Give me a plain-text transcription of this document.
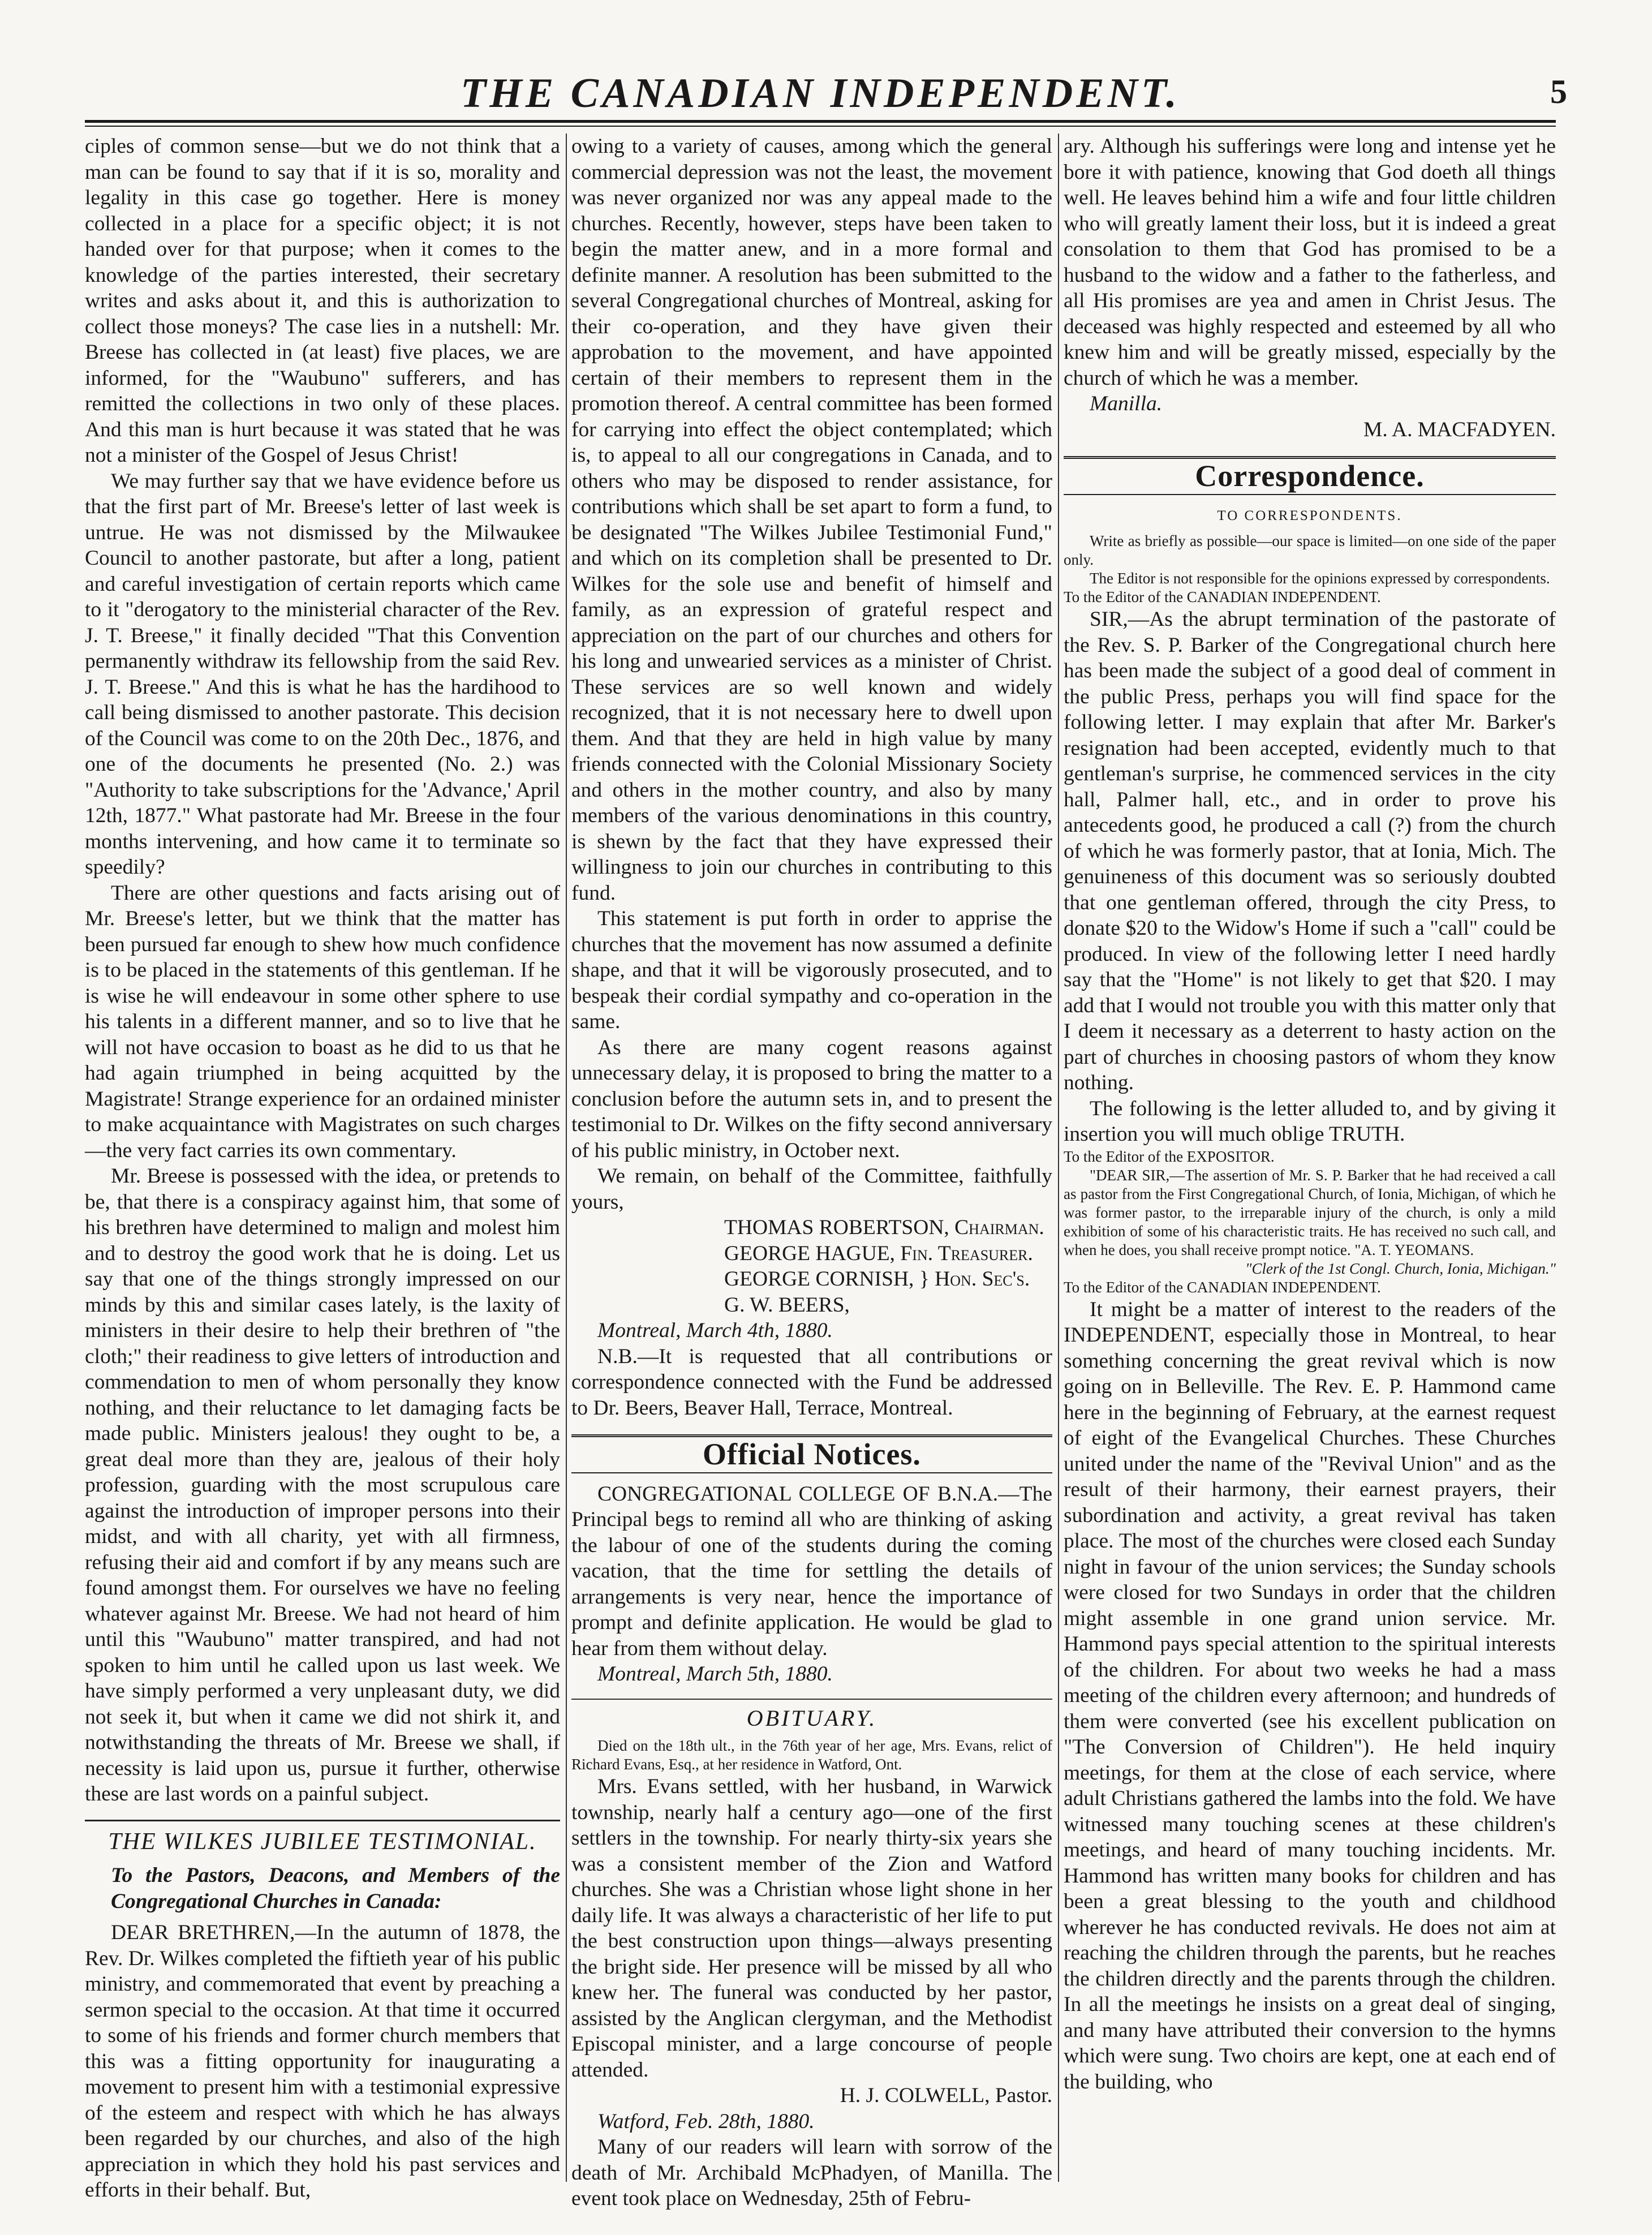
THE CANADIAN INDEPENDENT.	5

ciples of common sense—but we do not think that a man can be found to say that if it is so, morality and legality in this case go together. Here is money collected in a place for a specific object; it is not handed over for that purpose; when it comes to the knowledge of the parties interested, their secretary writes and asks about it, and this is authorization to collect those moneys? The case lies in a nutshell: Mr. Breese has collected in (at least) five places, we are informed, for the "Waubuno" sufferers, and has remitted the collections in two only of these places. And this man is hurt because it was stated that he was not a minister of the Gospel of Jesus Christ!

We may further say that we have evidence before us that the first part of Mr. Breese's letter of last week is untrue. He was not dismissed by the Milwaukee Council to another pastorate, but after a long, patient and careful investigation of certain reports which came to it "derogatory to the ministerial character of the Rev. J. T. Breese," it finally decided "That this Convention permanently withdraw its fellowship from the said Rev. J. T. Breese." And this is what he has the hardihood to call being dismissed to another pastorate. This decision of the Council was come to on the 20th Dec., 1876, and one of the documents he presented (No. 2.) was "Authority to take subscriptions for the 'Advance,' April 12th, 1877." What pastorate had Mr. Breese in the four months intervening, and how came it to terminate so speedily?

There are other questions and facts arising out of Mr. Breese's letter, but we think that the matter has been pursued far enough to shew how much confidence is to be placed in the statements of this gentleman. If he is wise he will endeavour in some other sphere to use his talents in a different manner, and so to live that he will not have occasion to boast as he did to us that he had again triumphed in being acquitted by the Magistrate! Strange experience for an ordained minister to make acquaintance with Magistrates on such charges—the very fact carries its own commentary.

Mr. Breese is possessed with the idea, or pretends to be, that there is a conspiracy against him, that some of his brethren have determined to malign and molest him and to destroy the good work that he is doing. Let us say that one of the things strongly impressed on our minds by this and similar cases lately, is the laxity of ministers in their desire to help their brethren of "the cloth;" their readiness to give letters of introduction and commendation to men of whom personally they know nothing, and their reluctance to let damaging facts be made public. Ministers jealous! they ought to be, a great deal more than they are, jealous of their holy profession, guarding with the most scrupulous care against the introduction of improper persons into their midst, and with all charity, yet with all firmness, refusing their aid and comfort if by any means such are found amongst them. For ourselves we have no feeling whatever against Mr. Breese. We had not heard of him until this "Waubuno" matter transpired, and had not spoken to him until he called upon us last week. We have simply performed a very unpleasant duty, we did not seek it, but when it came we did not shirk it, and notwithstanding the threats of Mr. Breese we shall, if necessity is laid upon us, pursue it further, otherwise these are last words on a painful subject.

THE WILKES JUBILEE TESTIMONIAL.

To the Pastors, Deacons, and Members of the Congregational Churches in Canada:

DEAR BRETHREN,—In the autumn of 1878, the Rev. Dr. Wilkes completed the fiftieth year of his public ministry, and commemorated that event by preaching a sermon special to the occasion. At that time it occurred to some of his friends and former church members that this was a fitting opportunity for inaugurating a movement to present him with a testimonial expressive of the esteem and respect with which he has always been regarded by our churches, and also of the high appreciation in which they hold his past services and efforts in their behalf. But,

owing to a variety of causes, among which the general commercial depression was not the least, the movement was never organized nor was any appeal made to the churches. Recently, however, steps have been taken to begin the matter anew, and in a more formal and definite manner. A resolution has been submitted to the several Congregational churches of Montreal, asking for their co-operation, and they have given their approbation to the movement, and have appointed certain of their members to represent them in the promotion thereof. A central committee has been formed for carrying into effect the object contemplated; which is, to appeal to all our congregations in Canada, and to others who may be disposed to render assistance, for contributions which shall be set apart to form a fund, to be designated "The Wilkes Jubilee Testimonial Fund," and which on its completion shall be presented to Dr. Wilkes for the sole use and benefit of himself and family, as an expression of grateful respect and appreciation on the part of our churches and others for his long and unwearied services as a minister of Christ. These services are so well known and widely recognized, that it is not necessary here to dwell upon them. And that they are held in high value by many friends connected with the Colonial Missionary Society and others in the mother country, and also by many members of the various denominations in this country, is shewn by the fact that they have expressed their willingness to join our churches in contributing to this fund.

This statement is put forth in order to apprise the churches that the movement has now assumed a definite shape, and that it will be vigorously prosecuted, and to bespeak their cordial sympathy and co-operation in the same.

As there are many cogent reasons against unnecessary delay, it is proposed to bring the matter to a conclusion before the autumn sets in, and to present the testimonial to Dr. Wilkes on the fifty second anniversary of his public ministry, in October next.

We remain, on behalf of the Committee, faithfully yours,

THOMAS ROBERTSON, Chairman.

GEORGE HAGUE, Fin. Treasurer.

GEORGE CORNISH, } Hon. Sec's.

G. W. BEERS,

Montreal, March 4th, 1880.

N.B.—It is requested that all contributions or correspondence connected with the Fund be addressed to Dr. Beers, Beaver Hall, Terrace, Montreal.

Official Notices.

CONGREGATIONAL COLLEGE OF B.N.A.—The Principal begs to remind all who are thinking of asking the labour of one of the students during the coming vacation, that the time for settling the details of arrangements is very near, hence the importance of prompt and definite application. He would be glad to hear from them without delay.

Montreal, March 5th, 1880.

OBITUARY.

Died on the 18th ult., in the 76th year of her age, Mrs. Evans, relict of Richard Evans, Esq., at her residence in Watford, Ont.

Mrs. Evans settled, with her husband, in Warwick township, nearly half a century ago—one of the first settlers in the township. For nearly thirty-six years she was a consistent member of the Zion and Watford churches. She was a Christian whose light shone in her daily life. It was always a characteristic of her life to put the best construction upon things—always presenting the bright side. Her presence will be missed by all who knew her. The funeral was conducted by her pastor, assisted by the Anglican clergyman, and the Methodist Episcopal minister, and a large concourse of people attended.

H. J. COLWELL, Pastor.

Watford, Feb. 28th, 1880.

Many of our readers will learn with sorrow of the death of Mr. Archibald McPhadyen, of Manilla. The event took place on Wednesday, 25th of Febru-

ary. Although his sufferings were long and intense yet he bore it with patience, knowing that God doeth all things well. He leaves behind him a wife and four little children who will greatly lament their loss, but it is indeed a great consolation to them that God has promised to be a husband to the widow and a father to the fatherless, and all His promises are yea and amen in Christ Jesus. The deceased was highly respected and esteemed by all who knew him and will be greatly missed, especially by the church of which he was a member.

Manilla.

M. A. MACFADYEN.

Correspondence.
TO CORRESPONDENTS.

Write as briefly as possible—our space is limited—on one side of the paper only.

The Editor is not responsible for the opinions expressed by correspondents.

To the Editor of the CANADIAN INDEPENDENT.

SIR,—As the abrupt termination of the pastorate of the Rev. S. P. Barker of the Congregational church here has been made the subject of a good deal of comment in the public Press, perhaps you will find space for the following letter. I may explain that after Mr. Barker's resignation had been accepted, evidently much to that gentleman's surprise, he commenced services in the city hall, Palmer hall, etc., and in order to prove his antecedents good, he produced a call (?) from the church of which he was formerly pastor, that at Ionia, Mich. The genuineness of this document was so seriously doubted that one gentleman offered, through the city Press, to donate $20 to the Widow's Home if such a "call" could be produced. In view of the following letter I need hardly say that the "Home" is not likely to get that $20. I may add that I would not trouble you with this matter only that I deem it necessary as a deterrent to hasty action on the part of churches in choosing pastors of whom they know nothing.

The following is the letter alluded to, and by giving it insertion you will much oblige TRUTH.

To the Editor of the EXPOSITOR.

"DEAR SIR,—The assertion of Mr. S. P. Barker that he had received a call as pastor from the First Congregational Church, of Ionia, Michigan, of which he was former pastor, to the irreparable injury of the church, is only a mild exhibition of some of his characteristic traits. He has received no such call, and when he does, you shall receive prompt notice. "A. T. YEOMANS.

"Clerk of the 1st Congl. Church, Ionia, Michigan."

To the Editor of the CANADIAN INDEPENDENT.

It might be a matter of interest to the readers of the INDEPENDENT, especially those in Montreal, to hear something concerning the great revival which is now going on in Belleville. The Rev. E. P. Hammond came here in the beginning of February, at the earnest request of eight of the Evangelical Churches. These Churches united under the name of the "Revival Union" and as the result of their harmony, their earnest prayers, their subordination and activity, a great revival has taken place. The most of the churches were closed each Sunday night in favour of the union services; the Sunday schools were closed for two Sundays in order that the children might assemble in one grand union service. Mr. Hammond pays special attention to the spiritual interests of the children. For about two weeks he had a mass meeting of the children every afternoon; and hundreds of them were converted (see his excellent publication on "The Conversion of Children"). He held inquiry meetings, for them at the close of each service, where adult Christians gathered the lambs into the fold. We have witnessed many touching scenes at these children's meetings, and heard of many touching incidents. Mr. Hammond has written many books for children and has been a great blessing to the youth and childhood wherever he has conducted revivals. He does not aim at reaching the children through the parents, but he reaches the children directly and the parents through the children. In all the meetings he insists on a great deal of singing, and many have attributed their conversion to the hymns which were sung. Two choirs are kept, one at each end of the building, who
